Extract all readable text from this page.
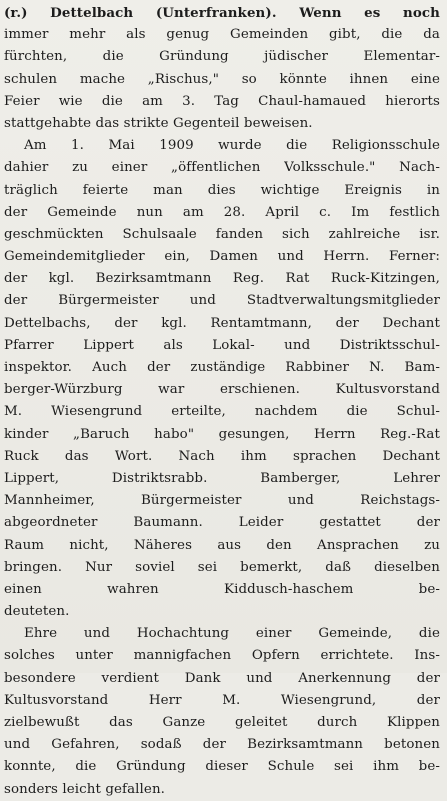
(r.) Dettelbach (Unterfranken). Wenn es noch
immer mehr als genug Gemeinden gibt, die da
fürchten, die Gründung jüdischer Elementar-
schulen mache „Rischus," so könnte ihnen eine
Feier wie die am 3. Tag Chaul-hamaued hierorts
stattgehabte das strikte Gegenteil beweisen.
Am 1. Mai 1909 wurde die Religionsschule
dahier zu einer „öffentlichen Volksschule." Nach-
träglich feierte man dies wichtige Ereignis in
der Gemeinde nun am 28. April c. Im festlich
geschmückten Schulsaale fanden sich zahlreiche isr.
Gemeindemitglieder ein, Damen und Herrn. Ferner:
der kgl. Bezirksamtmann Reg. Rat Ruck-Kitzingen,
der Bürgermeister und Stadtverwaltungsmitglieder
Dettelbachs, der kgl. Rentamtmann, der Dechant
Pfarrer Lippert als Lokal- und Distriktsschul-
inspektor. Auch der zuständige Rabbiner N. Bam-
berger-Würzburg war erschienen. Kultusvorstand
M. Wiesengrund erteilte, nachdem die Schul-
kinder „Baruch habo" gesungen, Herrn Reg.-Rat
Ruck das Wort. Nach ihm sprachen Dechant
Lippert, Distriktsrabb. Bamberger, Lehrer
Mannheimer, Bürgermeister und Reichstags-
abgeordneter Baumann. Leider gestattet der
Raum nicht, Näheres aus den Ansprachen zu
bringen. Nur soviel sei bemerkt, daß dieselben
einen wahren Kiddusch-haschem be-
deuteten.
Ehre und Hochachtung einer Gemeinde, die
solches unter mannigfachen Opfern errichtete. Ins-
besondere verdient Dank und Anerkennung der
Kultusvorstand Herr M. Wiesengrund, der
zielbewußt das Ganze geleitet durch Klippen
und Gefahren, sodaß der Bezirksamtmann betonen
konnte, die Gründung dieser Schule sei ihm be-
sonders leicht gefallen.
